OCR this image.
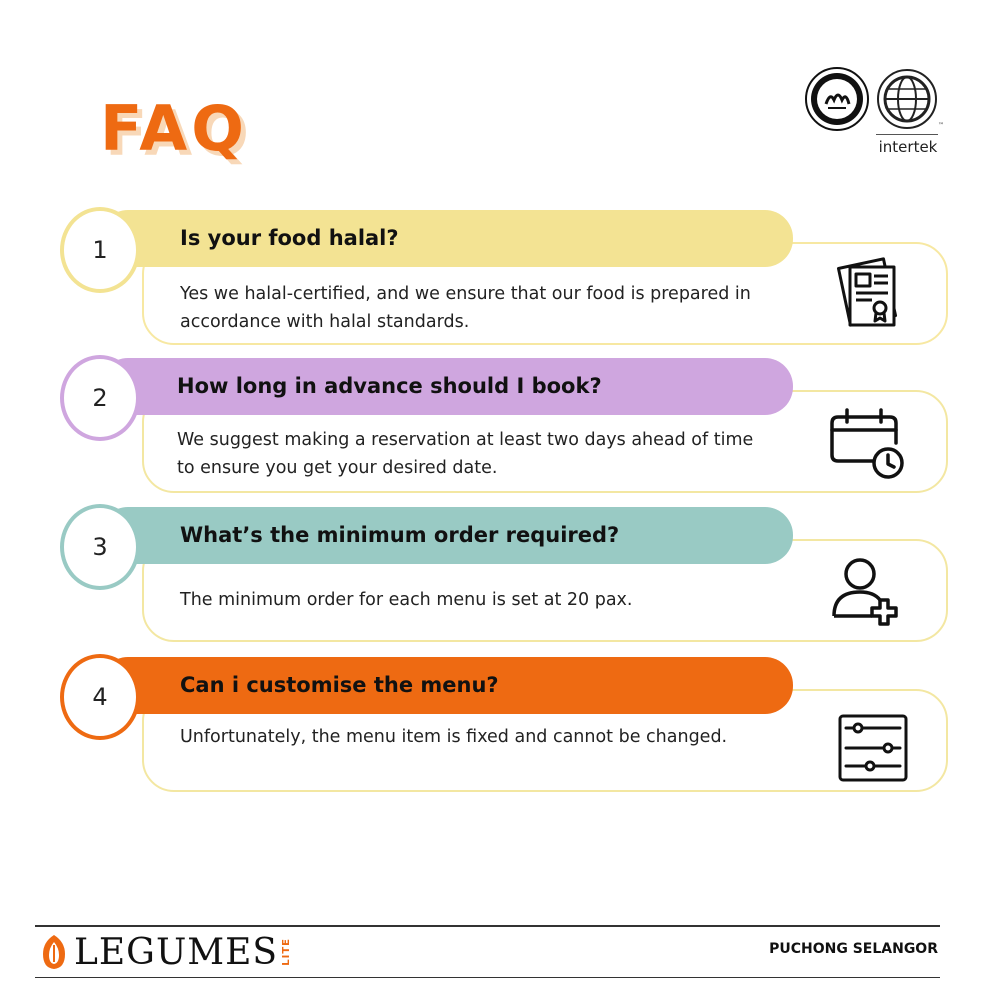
FAQ	™
intertek
1	Is your food halal?
Yes we halal-certified, and we ensure that our food is prepared in accordance with halal standards.
2	How long in advance should I book?
We suggest making a reservation at least two days ahead of time to ensure you get your desired date.
3	What’s the minimum order required?
The minimum order for each menu is set at 20 pax.
4	Can i customise the menu?
Unfortunately, the menu item is fixed and cannot be changed.
LEGUMES LITE	PUCHONG SELANGOR
